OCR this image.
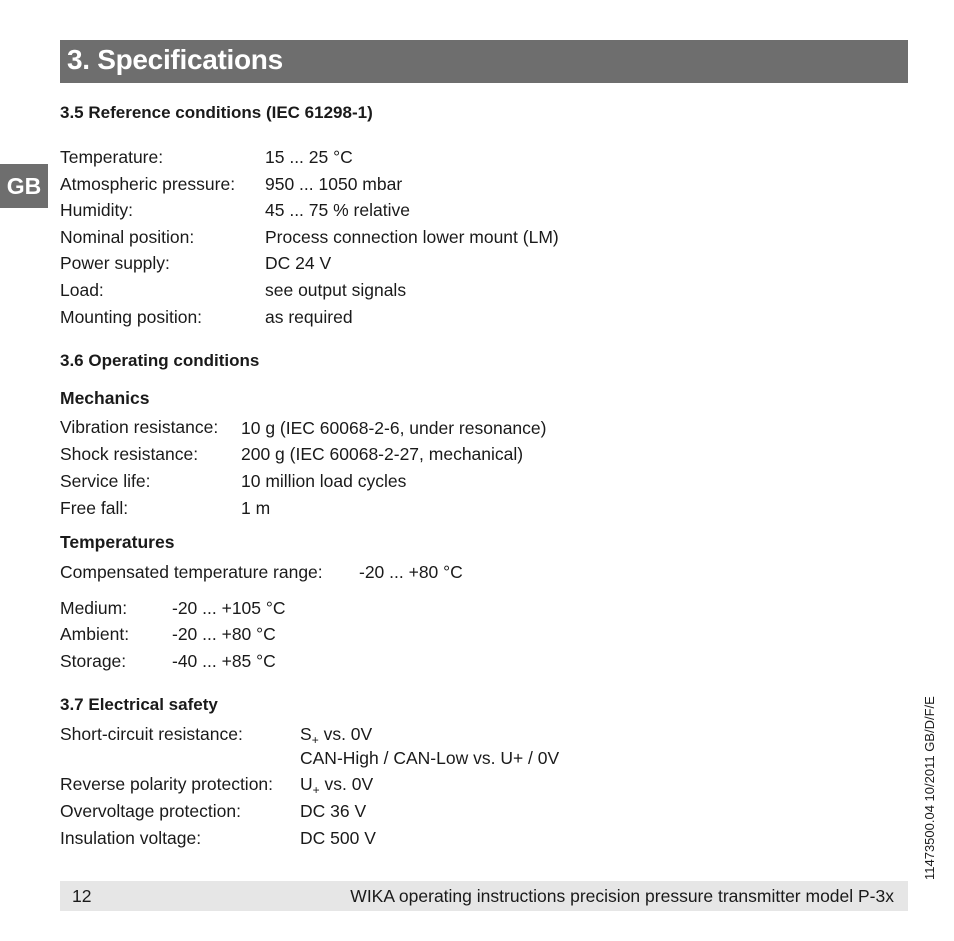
3. Specifications
GB
3.5 Reference conditions (IEC 61298-1)
Temperature:	15 ... 25 °C
Atmospheric pressure: 950 ... 1050 mbar
Humidity:	45 ... 75 % relative
Nominal position:	Process connection lower mount (LM)
Power supply:	DC 24 V
Load:	see output signals
Mounting position:	as required
3.6 Operating conditions
Mechanics
Vibration resistance: 10 g (IEC 60068-2-6, under resonance)
Shock resistance: 200 g (IEC 60068-2-27, mechanical)
Service life:	10 million load cycles
Free fall:	1 m
Temperatures
Compensated temperature range: -20 ... +80 °C
Medium:	-20 ... +105 °C
Ambient: -20 ... +80 °C
Storage:	-40 ... +85 °C
3.7 Electrical safety
Short-circuit resistance:	$S_+$ vs. 0V
CAN-High / CAN-Low vs. U+ / 0V
Reverse polarity protection: $U_+$ vs. 0V
Overvoltage protection:	DC 36 V
Insulation voltage:	DC 500 V
12	WIKA operating instructions precision pressure transmitter model P-3x
11473500.04 10/2011 GB/D/F/E
